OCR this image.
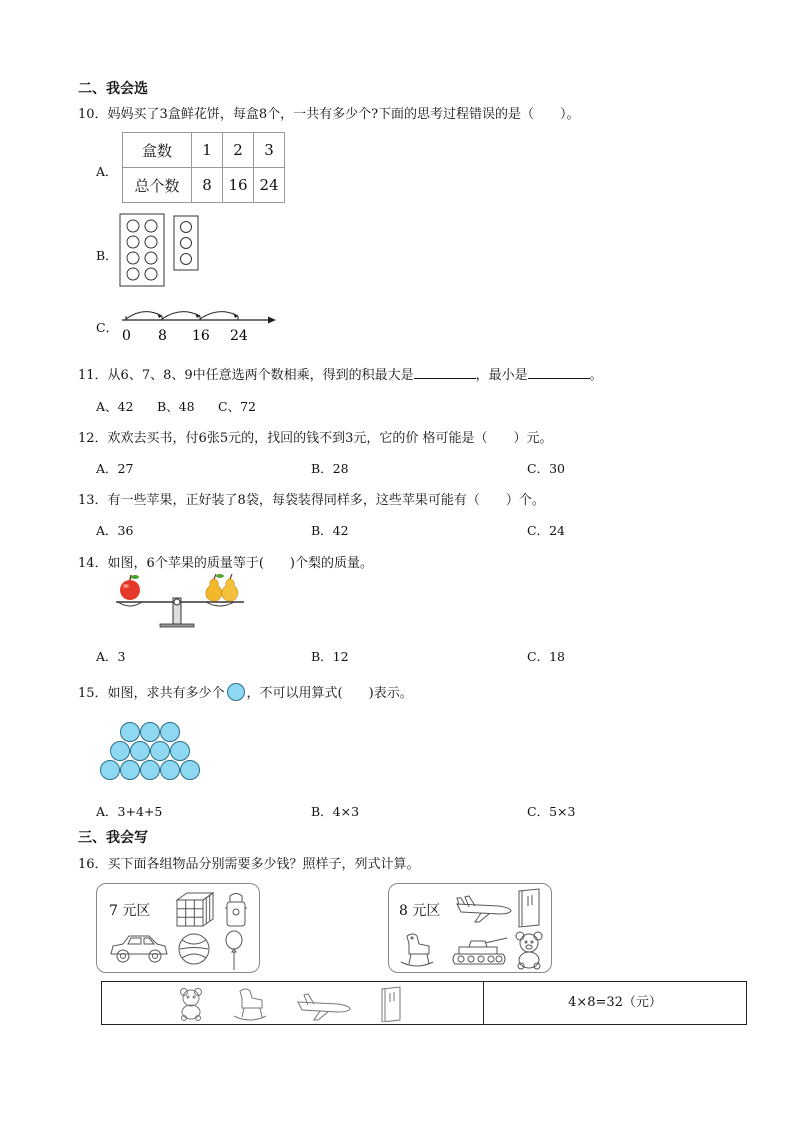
二、我会选
10．妈妈买了3盒鲜花饼，每盒8个，一共有多少个?下面的思考过程错误的是（　　）。
A．
盒数	1	2	3
总个数	8	16	24
B．
C．
0 8 16 24
11．从6、7、8、9中任意选两个数相乘，得到的积最大是	，最小是	。
A、42 B、48 C、72
12．欢欢去买书，付6张5元的，找回的钱不到3元，它的价 格可能是（　　）元。
A．27	B．28	C．30
13．有一些苹果，正好装了8袋，每袋装得同样多，这些苹果可能有（　　）个。
A．36	B．42	C．24
14．如图，6个苹果的质量等于(　　)个梨的质量。
A．3	B．12	C．18
15．如图，求共有多少个 ，不可以用算式(　　)表示。
A．3+4+5	B．4×3	C．5×3
三、我会写
16．买下面各组物品分别需要多少钱？照样子，列式计算。
7 元区	8 元区
4×8=32（元）
